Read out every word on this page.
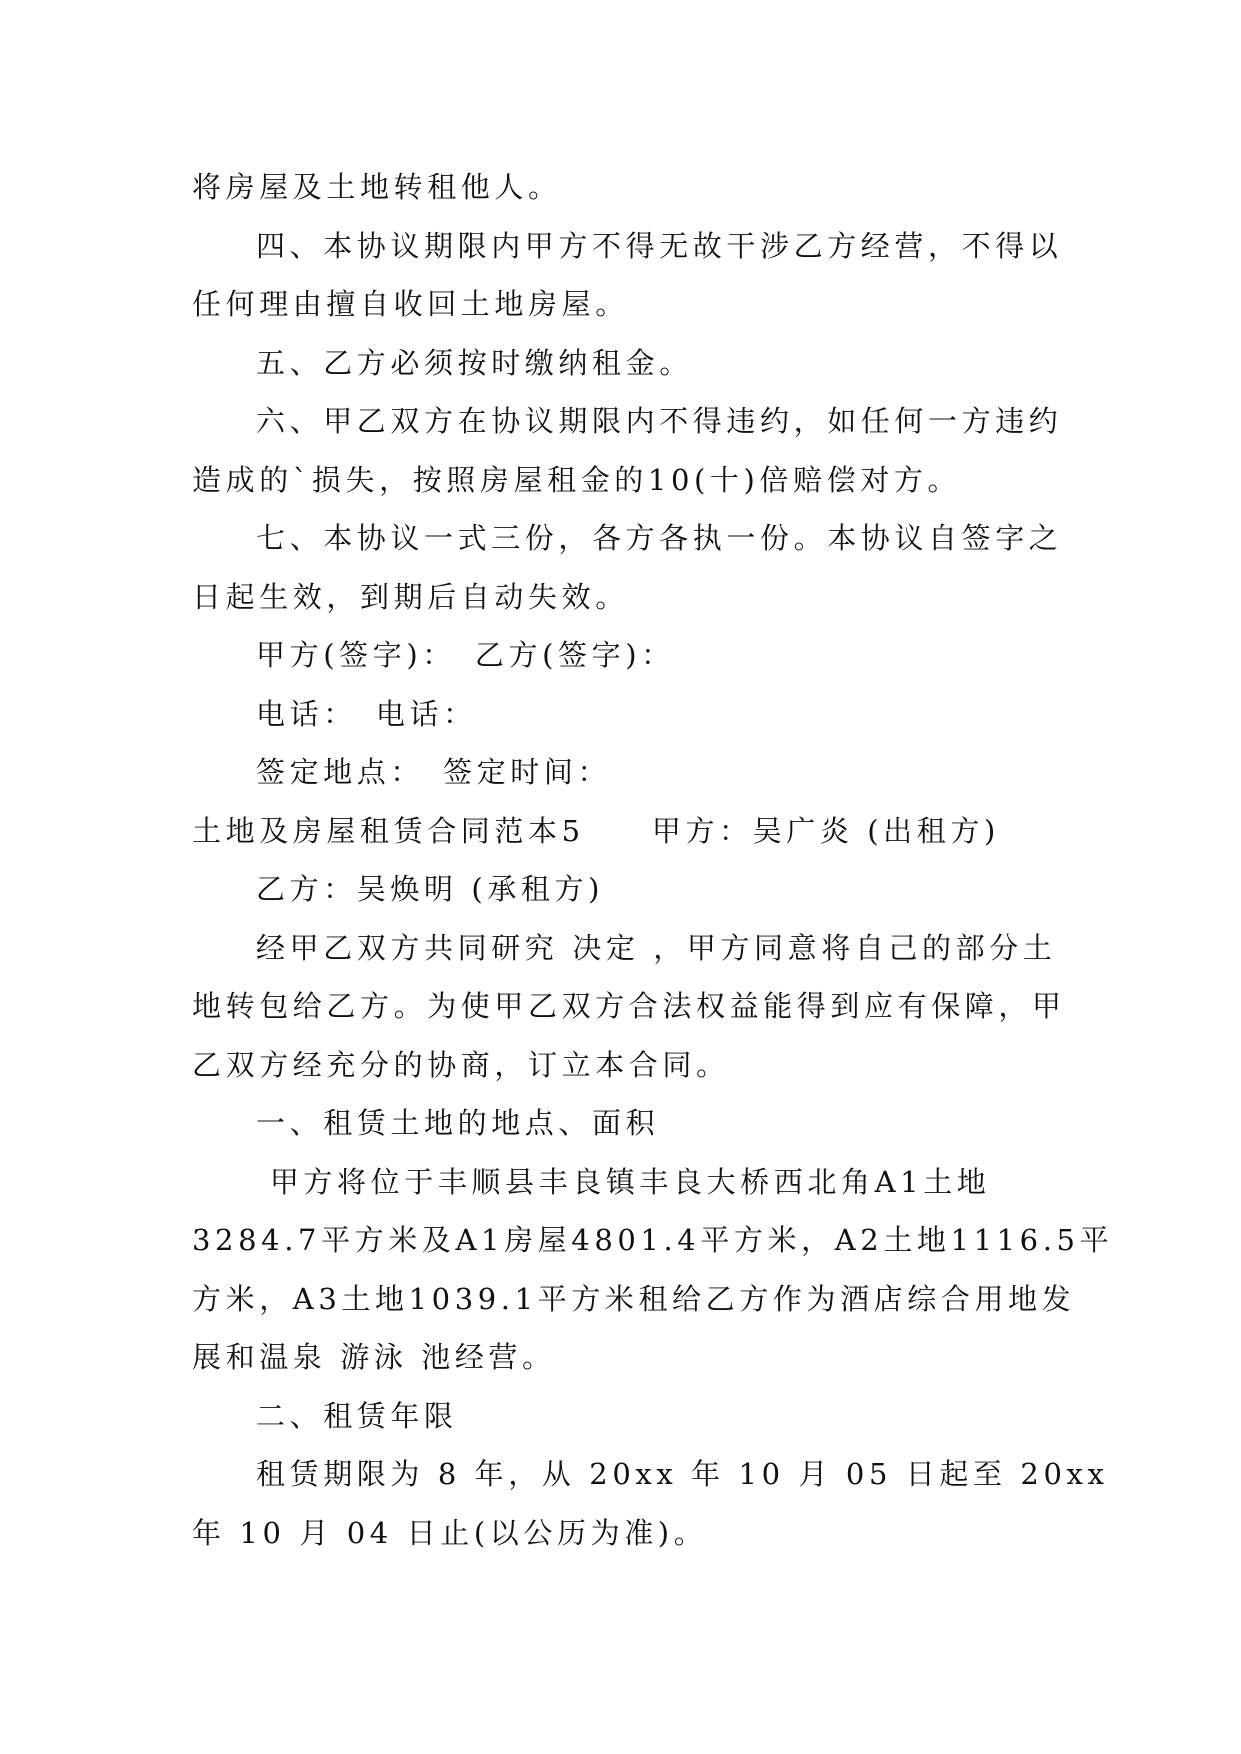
将房屋及土地转租他人。
四、本协议期限内甲方不得无故干涉乙方经营，不得以
任何理由擅自收回土地房屋。
五、乙方必须按时缴纳租金。
六、甲乙双方在协议期限内不得违约，如任何一方违约
造成的`损失，按照房屋租金的10(十)倍赔偿对方。
七、本协议一式三份，各方各执一份。本协议自签字之
日起生效，到期后自动失效。
甲方(签字)：　乙方(签字)：
电话：　电话：
签定地点：　签定时间：
土地及房屋租赁合同范本5　　甲方：吴广炎 (出租方)
乙方：吴焕明 (承租方)
经甲乙双方共同研究 决定 ，甲方同意将自己的部分土
地转包给乙方。为使甲乙双方合法权益能得到应有保障，甲
乙双方经充分的协商，订立本合同。
一、租赁土地的地点、面积
甲方将位于丰顺县丰良镇丰良大桥西北角A1土地
3284.7平方米及A1房屋4801.4平方米，A2土地1116.5平
方米，A3土地1039.1平方米租给乙方作为酒店综合用地发
展和温泉 游泳 池经营。
二、租赁年限
租赁期限为 8 年，从 20xx 年 10 月 05 日起至 20xx
年 10 月 04 日止(以公历为准)。
